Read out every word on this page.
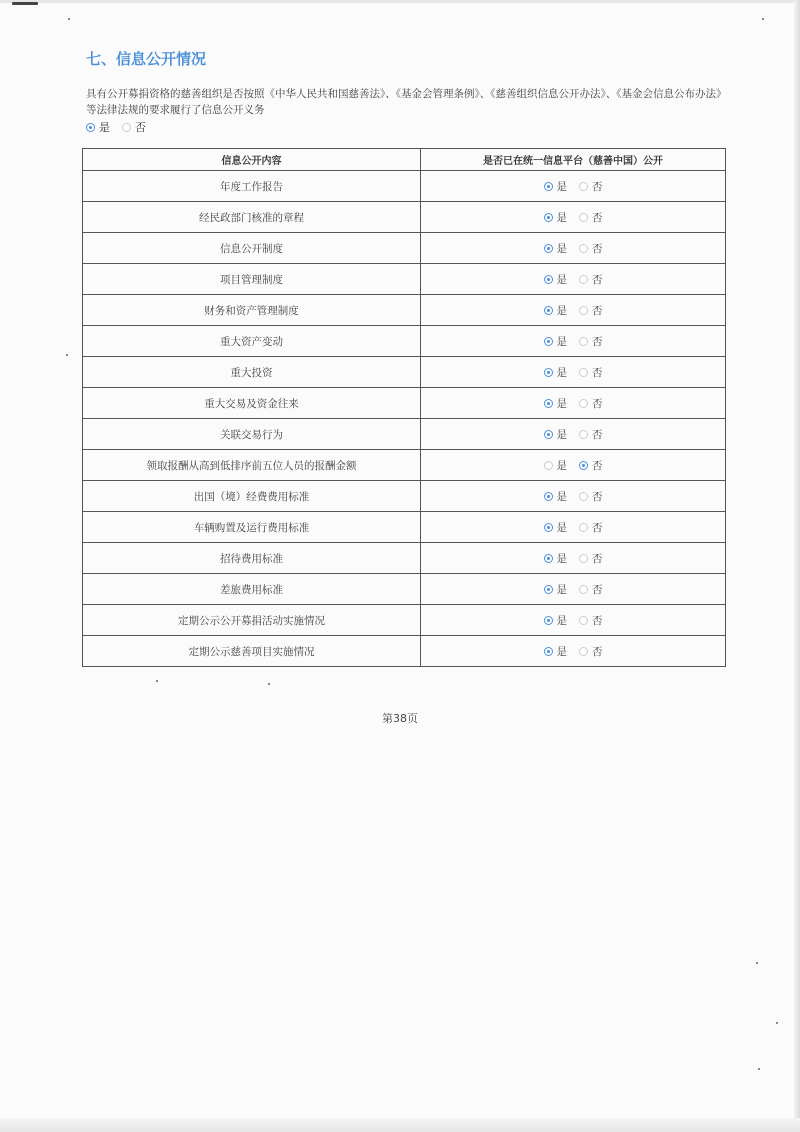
七、信息公开情况

具有公开募捐资格的慈善组织是否按照《中华人民共和国慈善法》、《基金会管理条例》、《慈善组织信息公开办法》、《基金会信息公布办法》等法律法规的要求履行了信息公开义务

是 否
信息公开内容	是否已在统一信息平台（慈善中国）公开
年度工作报告	是 否

经民政部门核准的章程	是 否

信息公开制度	是 否

项目管理制度	是 否

财务和资产管理制度	是 否

重大资产变动	是 否

重大投资	是 否

重大交易及资金往来	是 否

关联交易行为	是 否

领取报酬从高到低排序前五位人员的报酬金额	是 否

出国（境）经费费用标准	是 否

车辆购置及运行费用标准	是 否

招待费用标准	是 否

差旅费用标准	是 否

定期公示公开募捐活动实施情况	是 否

定期公示慈善项目实施情况	是 否
第38页
